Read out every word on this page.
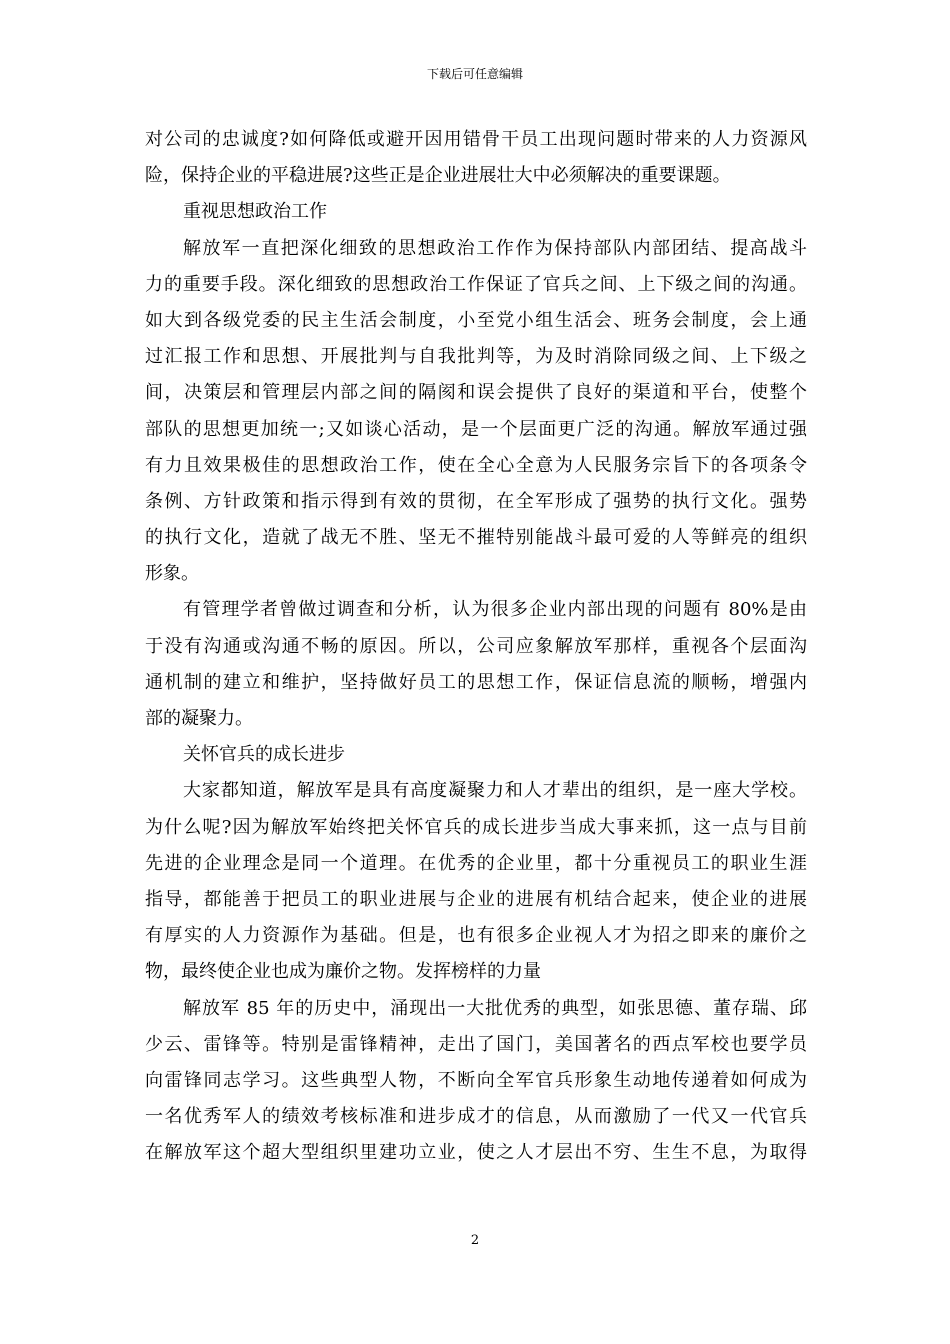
下载后可任意编辑
对公司的忠诚度?如何降低或避开因用错骨干员工出现问题时带来的人力资源风
险，保持企业的平稳进展?这些正是企业进展壮大中必须解决的重要课题。
重视思想政治工作
解放军一直把深化细致的思想政治工作作为保持部队内部团结、提高战斗
力的重要手段。深化细致的思想政治工作保证了官兵之间、上下级之间的沟通。
如大到各级党委的民主生活会制度，小至党小组生活会、班务会制度，会上通
过汇报工作和思想、开展批判与自我批判等，为及时消除同级之间、上下级之
间，决策层和管理层内部之间的隔阂和误会提供了良好的渠道和平台，使整个
部队的思想更加统一;又如谈心活动，是一个层面更广泛的沟通。解放军通过强
有力且效果极佳的思想政治工作，使在全心全意为人民服务宗旨下的各项条令
条例、方针政策和指示得到有效的贯彻，在全军形成了强势的执行文化。强势
的执行文化，造就了战无不胜、坚无不摧特别能战斗最可爱的人等鲜亮的组织
形象。
有管理学者曾做过调查和分析，认为很多企业内部出现的问题有 80%是由
于没有沟通或沟通不畅的原因。所以，公司应象解放军那样，重视各个层面沟
通机制的建立和维护，坚持做好员工的思想工作，保证信息流的顺畅，增强内
部的凝聚力。
关怀官兵的成长进步
大家都知道，解放军是具有高度凝聚力和人才辈出的组织，是一座大学校。
为什么呢?因为解放军始终把关怀官兵的成长进步当成大事来抓，这一点与目前
先进的企业理念是同一个道理。在优秀的企业里，都十分重视员工的职业生涯
指导，都能善于把员工的职业进展与企业的进展有机结合起来，使企业的进展
有厚实的人力资源作为基础。但是，也有很多企业视人才为招之即来的廉价之
物，最终使企业也成为廉价之物。发挥榜样的力量
解放军 85 年的历史中，涌现出一大批优秀的典型，如张思德、董存瑞、邱
少云、雷锋等。特别是雷锋精神，走出了国门，美国著名的西点军校也要学员
向雷锋同志学习。这些典型人物，不断向全军官兵形象生动地传递着如何成为
一名优秀军人的绩效考核标准和进步成才的信息，从而激励了一代又一代官兵
在解放军这个超大型组织里建功立业，使之人才层出不穷、生生不息，为取得
2
